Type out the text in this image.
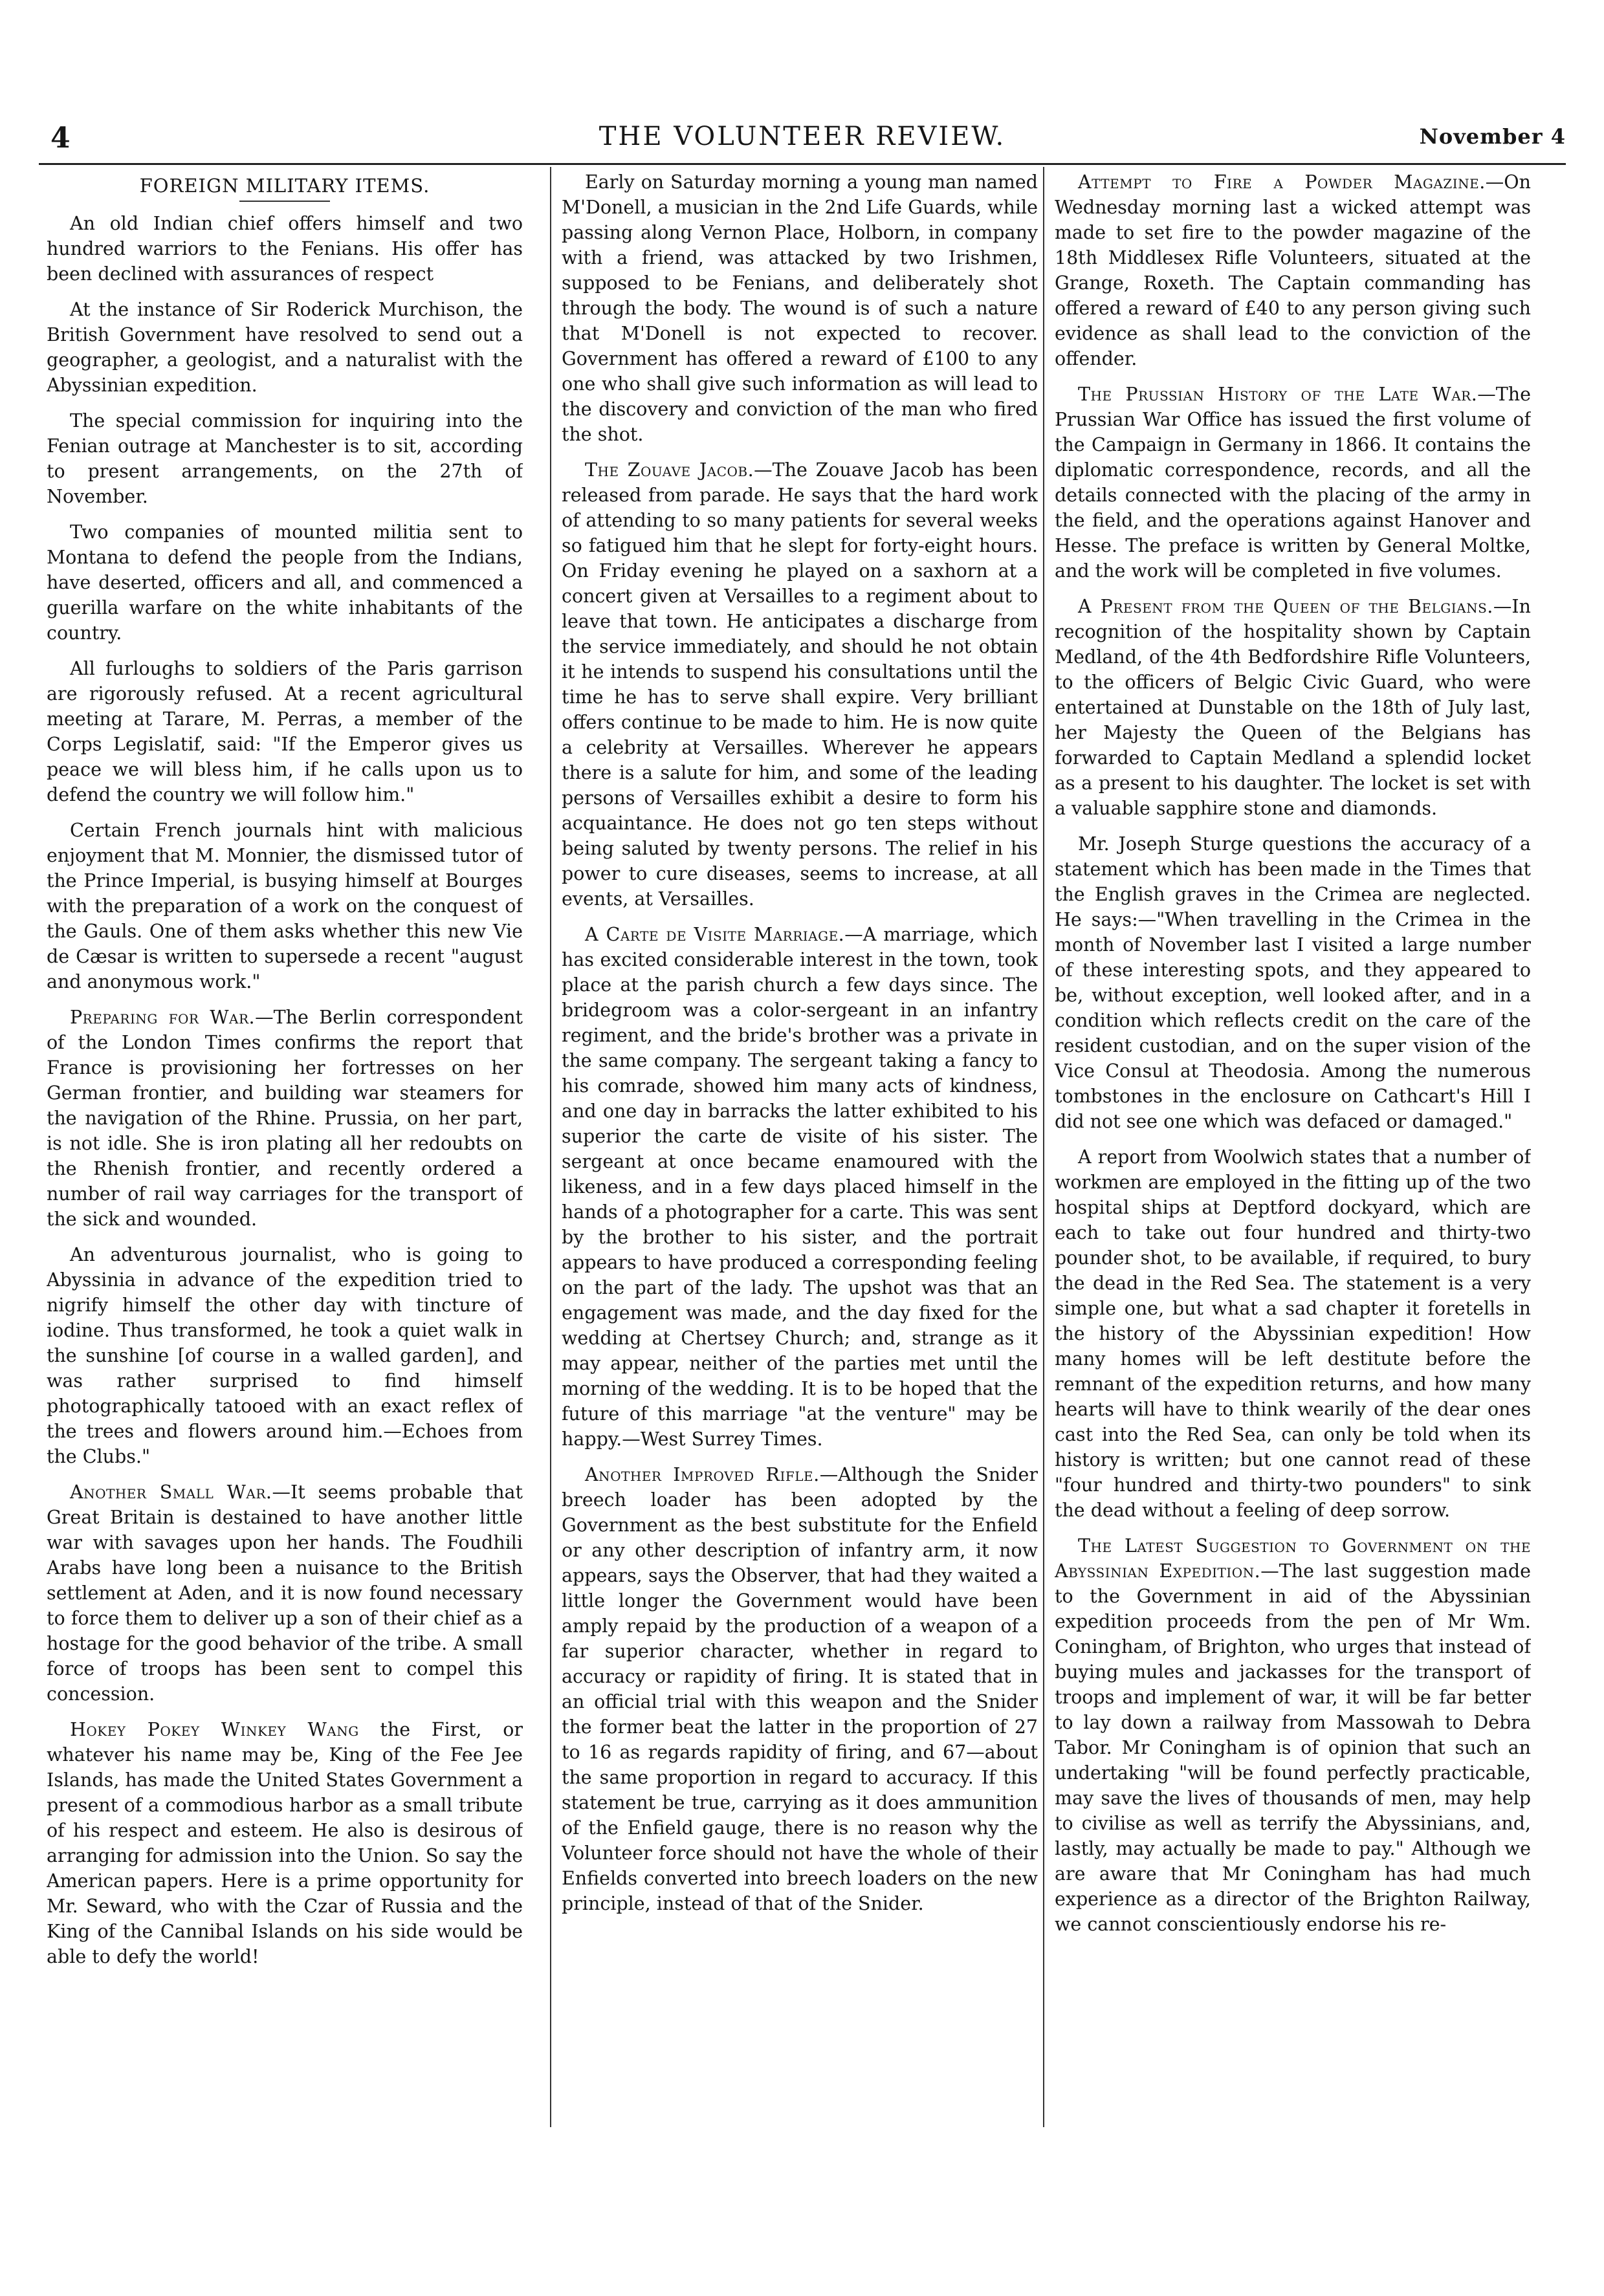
4	THE VOLUNTEER REVIEW.	November 4
FOREIGN MILITARY ITEMS.

An old Indian chief offers himself and two hundred warriors to the Fenians. His offer has been declined with assurances of respect

At the instance of Sir Roderick Murchison, the British Government have resolved to send out a geographer, a geologist, and a naturalist with the Abyssinian expedition.

The special commission for inquiring into the Fenian outrage at Manchester is to sit, according to present arrangements, on the 27th of November.

Two companies of mounted militia sent to Montana to defend the people from the Indians, have deserted, officers and all, and commenced a guerilla warfare on the white inhabitants of the country.

All furloughs to soldiers of the Paris garrison are rigorously refused. At a recent agricultural meeting at Tarare, M. Perras, a member of the Corps Legislatif, said: "If the Emperor gives us peace we will bless him, if he calls upon us to defend the country we will follow him."

Certain French journals hint with malicious enjoyment that M. Monnier, the dismissed tutor of the Prince Imperial, is busying himself at Bourges with the preparation of a work on the conquest of the Gauls. One of them asks whether this new Vie de Cæsar is written to supersede a recent "august and anonymous work."

Preparing for War.—The Berlin correspondent of the London Times confirms the report that France is provisioning her fortresses on her German frontier, and building war steamers for the navigation of the Rhine. Prussia, on her part, is not idle. She is iron plating all her redoubts on the Rhenish frontier, and recently ordered a number of rail way carriages for the transport of the sick and wounded.

An adventurous journalist, who is going to Abyssinia in advance of the expedition tried to nigrify himself the other day with tincture of iodine. Thus transformed, he took a quiet walk in the sunshine [of course in a walled garden], and was rather surprised to find himself photographically tatooed with an exact reflex of the trees and flowers around him.—Echoes from the Clubs."

Another Small War.—It seems probable that Great Britain is destained to have another little war with savages upon her hands. The Foudhili Arabs have long been a nuisance to the British settlement at Aden, and it is now found necessary to force them to deliver up a son of their chief as a hostage for the good behavior of the tribe. A small force of troops has been sent to compel this concession.

Hokey Pokey Winkey Wang the First, or whatever his name may be, King of the Fee Jee Islands, has made the United States Government a present of a commodious harbor as a small tribute of his respect and esteem. He also is desirous of arranging for admission into the Union. So say the American papers. Here is a prime opportunity for Mr. Seward, who with the Czar of Russia and the King of the Cannibal Islands on his side would be able to defy the world!

Early on Saturday morning a young man named M'Donell, a musician in the 2nd Life Guards, while passing along Vernon Place, Holborn, in company with a friend, was attacked by two Irishmen, supposed to be Fenians, and deliberately shot through the body. The wound is of such a nature that M'Donell is not expected to recover. Government has offered a reward of £100 to any one who shall give such information as will lead to the discovery and conviction of the man who fired the shot.

The Zouave Jacob.—The Zouave Jacob has been released from parade. He says that the hard work of attending to so many patients for several weeks so fatigued him that he slept for forty-eight hours. On Friday evening he played on a saxhorn at a concert given at Versailles to a regiment about to leave that town. He anticipates a discharge from the service immediately, and should he not obtain it he intends to suspend his consultations until the time he has to serve shall expire. Very brilliant offers continue to be made to him. He is now quite a celebrity at Versailles. Wherever he appears there is a salute for him, and some of the leading persons of Versailles exhibit a desire to form his acquaintance. He does not go ten steps without being saluted by twenty persons. The relief in his power to cure diseases, seems to increase, at all events, at Versailles.

A Carte de Visite Marriage.—A marriage, which has excited considerable interest in the town, took place at the parish church a few days since. The bridegroom was a color-sergeant in an infantry regiment, and the bride's brother was a private in the same company. The sergeant taking a fancy to his comrade, showed him many acts of kindness, and one day in barracks the latter exhibited to his superior the carte de visite of his sister. The sergeant at once became enamoured with the likeness, and in a few days placed himself in the hands of a photographer for a carte. This was sent by the brother to his sister, and the portrait appears to have produced a corresponding feeling on the part of the lady. The upshot was that an engagement was made, and the day fixed for the wedding at Chertsey Church; and, strange as it may appear, neither of the parties met until the morning of the wedding. It is to be hoped that the future of this marriage "at the venture" may be happy.—West Surrey Times.

Another Improved Rifle.—Although the Snider breech loader has been adopted by the Government as the best substitute for the Enfield or any other description of infantry arm, it now appears, says the Observer, that had they waited a little longer the Government would have been amply repaid by the production of a weapon of a far superior character, whether in regard to accuracy or rapidity of firing. It is stated that in an official trial with this weapon and the Snider the former beat the latter in the proportion of 27 to 16 as regards rapidity of firing, and 67—about the same proportion in regard to accuracy. If this statement be true, carrying as it does ammunition of the Enfield gauge, there is no reason why the Volunteer force should not have the whole of their Enfields converted into breech loaders on the new principle, instead of that of the Snider.

Attempt to Fire a Powder Magazine.—On Wednesday morning last a wicked attempt was made to set fire to the powder magazine of the 18th Middlesex Rifle Volunteers, situated at the Grange, Roxeth. The Captain commanding has offered a reward of £40 to any person giving such evidence as shall lead to the conviction of the offender.

The Prussian History of the Late War.—The Prussian War Office has issued the first volume of the Campaign in Germany in 1866. It contains the diplomatic correspondence, records, and all the details connected with the placing of the army in the field, and the operations against Hanover and Hesse. The preface is written by General Moltke, and the work will be completed in five volumes.

A Present from the Queen of the Belgians.—In recognition of the hospitality shown by Captain Medland, of the 4th Bedfordshire Rifle Volunteers, to the officers of Belgic Civic Guard, who were entertained at Dunstable on the 18th of July last, her Majesty the Queen of the Belgians has forwarded to Captain Medland a splendid locket as a present to his daughter. The locket is set with a valuable sapphire stone and diamonds.

Mr. Joseph Sturge questions the accuracy of a statement which has been made in the Times that the English graves in the Crimea are neglected. He says:—"When travelling in the Crimea in the month of November last I visited a large number of these interesting spots, and they appeared to be, without exception, well looked after, and in a condition which reflects credit on the care of the resident custodian, and on the super vision of the Vice Consul at Theodosia. Among the numerous tombstones in the enclosure on Cathcart's Hill I did not see one which was defaced or damaged."

A report from Woolwich states that a number of workmen are employed in the fitting up of the two hospital ships at Deptford dockyard, which are each to take out four hundred and thirty-two pounder shot, to be available, if required, to bury the dead in the Red Sea. The statement is a very simple one, but what a sad chapter it foretells in the history of the Abyssinian expedition! How many homes will be left destitute before the remnant of the expedition returns, and how many hearts will have to think wearily of the dear ones cast into the Red Sea, can only be told when its history is written; but one cannot read of these "four hundred and thirty-two pounders" to sink the dead without a feeling of deep sorrow.

The Latest Suggestion to Government on the Abyssinian Expedition.—The last suggestion made to the Government in aid of the Abyssinian expedition proceeds from the pen of Mr Wm. Coningham, of Brighton, who urges that instead of buying mules and jackasses for the transport of troops and implement of war, it will be far better to lay down a railway from Massowah to Debra Tabor. Mr Coningham is of opinion that such an undertaking "will be found perfectly practicable, may save the lives of thousands of men, may help to civilise as well as terrify the Abyssinians, and, lastly, may actually be made to pay." Although we are aware that Mr Coningham has had much experience as a director of the Brighton Railway, we cannot conscientiously endorse his re-
